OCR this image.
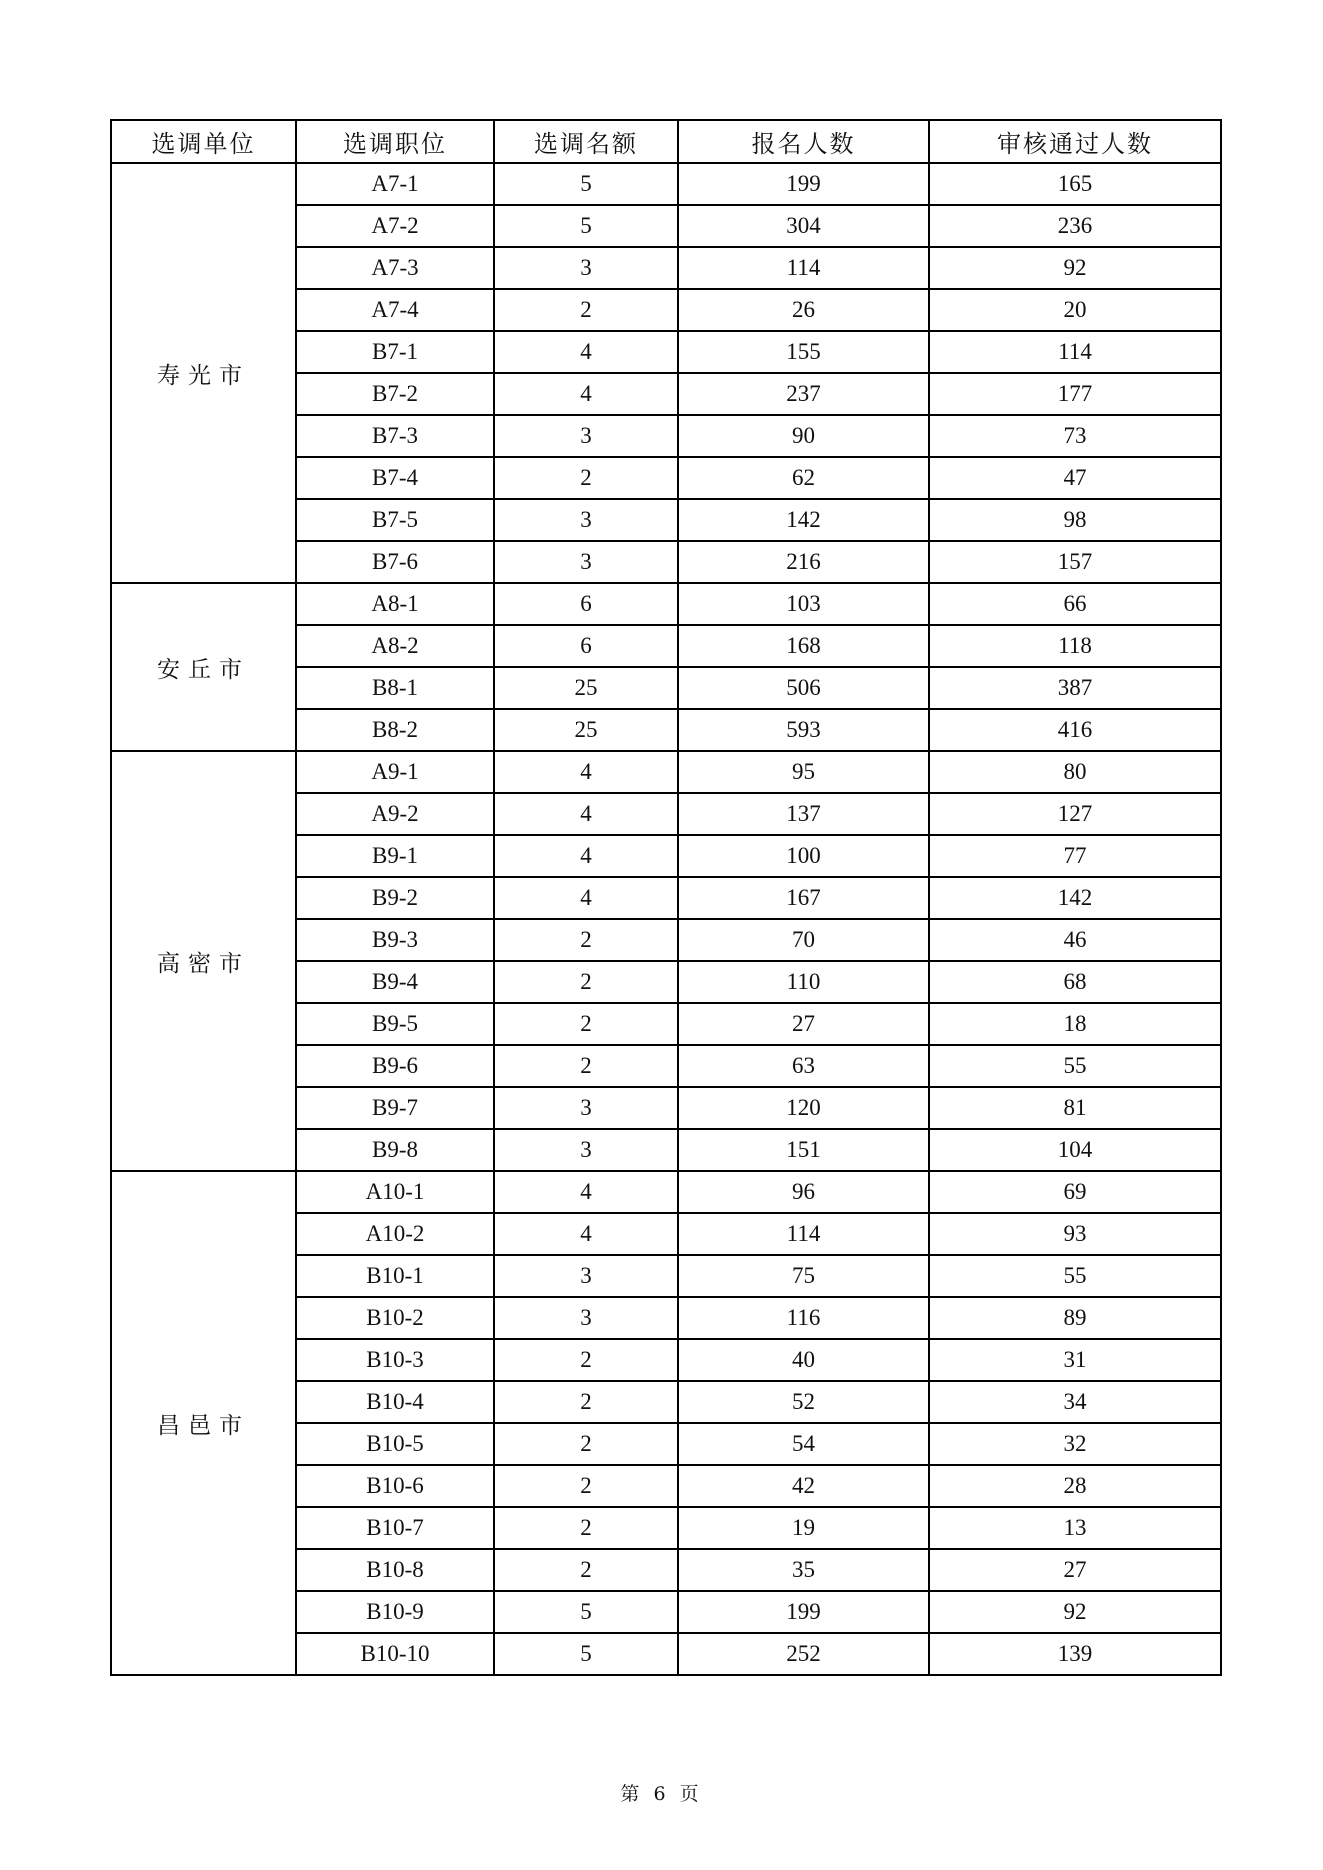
选调单位	选调职位	选调名额	报名人数	审核通过人数
寿光市	A7-1	5	199	165
	A7-2	5	304	236
	A7-3	3	114	92
	A7-4	2	26	20
	B7-1	4	155	114
	B7-2	4	237	177
	B7-3	3	90	73
	B7-4	2	62	47
	B7-5	3	142	98
	B7-6	3	216	157
安丘市	A8-1	6	103	66
	A8-2	6	168	118
	B8-1	25	506	387
	B8-2	25	593	416
高密市	A9-1	4	95	80
	A9-2	4	137	127
	B9-1	4	100	77
	B9-2	4	167	142
	B9-3	2	70	46
	B9-4	2	110	68
	B9-5	2	27	18
	B9-6	2	63	55
	B9-7	3	120	81
	B9-8	3	151	104
昌邑市	A10-1	4	96	69
	A10-2	4	114	93
	B10-1	3	75	55
	B10-2	3	116	89
	B10-3	2	40	31
	B10-4	2	52	34
	B10-5	2	54	32
	B10-6	2	42	28
	B10-7	2	19	13
	B10-8	2	35	27
	B10-9	5	199	92
	B10-10	5	252	139
第 6 页
